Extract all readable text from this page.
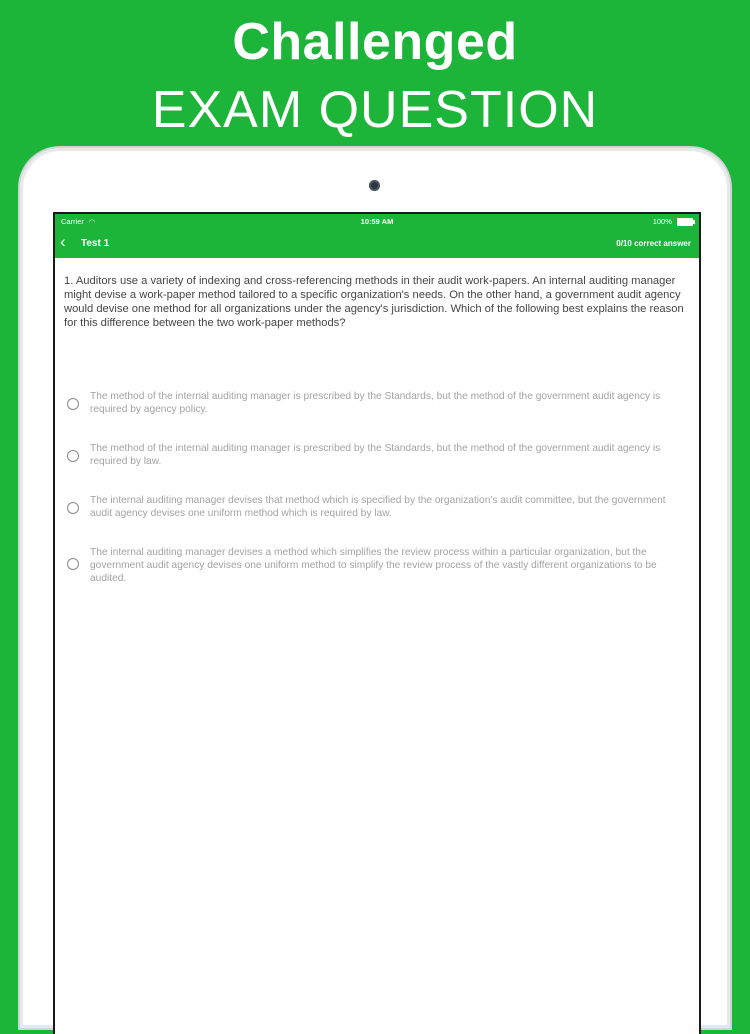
Challenged
EXAM QUESTION
Carrier ◠	10:59 AM	100%
‹ Test 1	0/10 correct answer
1. Auditors use a variety of indexing and cross-referencing methods in their audit work-papers. An internal auditing manager might devise a work-paper method tailored to a specific organization's needs. On the other hand, a government audit agency would devise one method for all organizations under the agency's jurisdiction. Which of the following best explains the reason for this difference between the two work-paper methods?
The method of the internal auditing manager is prescribed by the Standards, but the method of the government audit agency is required by agency policy.
The method of the internal auditing manager is prescribed by the Standards, but the method of the government audit agency is required by law.
The internal auditing manager devises that method which is specified by the organization's audit committee, but the government audit agency devises one uniform method which is required by law.
The internal auditing manager devises a method which simplifies the review process within a particular organization, but the government audit agency devises one uniform method to simplify the review process of the vastly different organizations to be audited.
